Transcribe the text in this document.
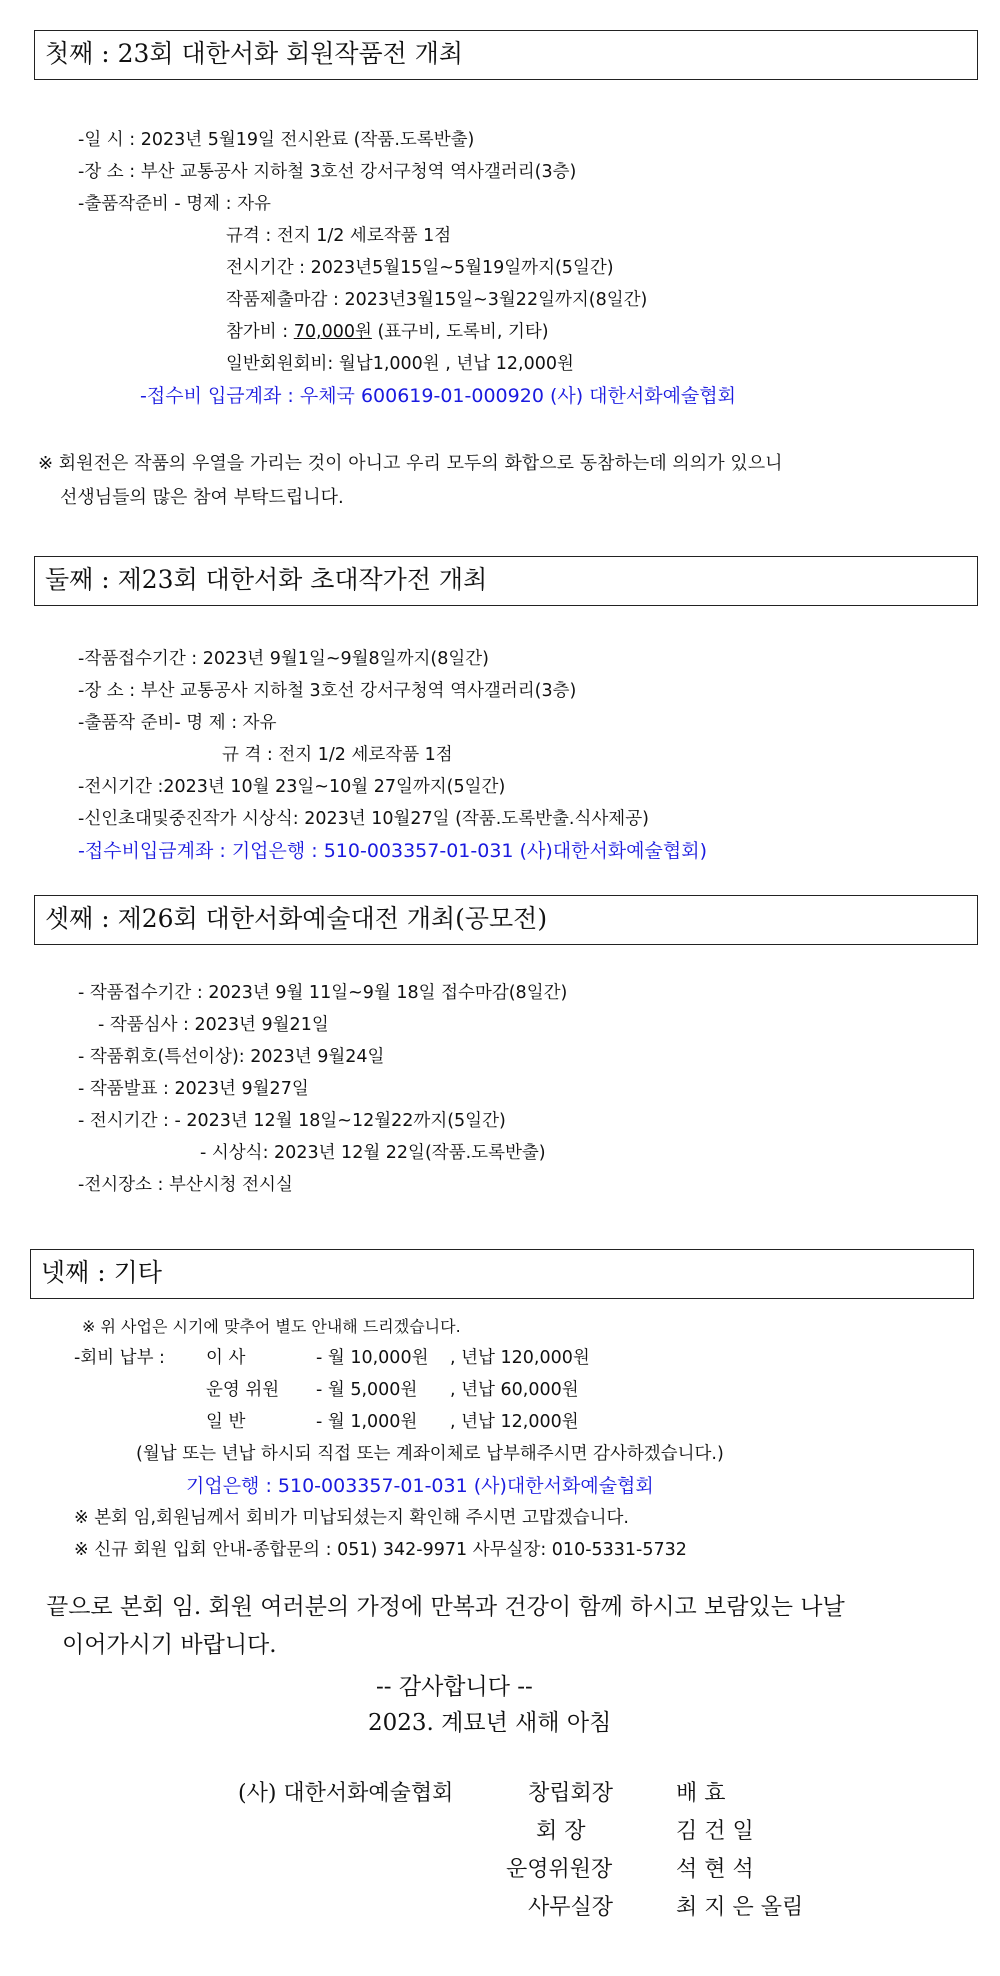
첫째 : 23회 대한서화 회원작품전 개최
-일 시 : 2023년 5월19일 전시완료 (작품.도록반출)
-장 소 : 부산 교통공사 지하철 3호선 강서구청역 역사갤러리(3층)
-출품작준비 - 명제 : 자유
규격 : 전지 1/2 세로작품 1점
전시기간 : 2023년5월15일~5월19일까지(5일간)
작품제출마감 : 2023년3월15일~3월22일까지(8일간)
참가비 : 70,000원 (표구비, 도록비, 기타)
일반회원회비: 월납1,000원 , 년납 12,000원
-접수비 입금계좌 : 우체국 600619-01-000920 (사) 대한서화예술협회
※ 회원전은 작품의 우열을 가리는 것이 아니고 우리 모두의 화합으로 동참하는데 의의가 있으니
선생님들의 많은 참여 부탁드립니다.
둘째 : 제23회 대한서화 초대작가전 개최
-작품접수기간 : 2023년 9월1일~9월8일까지(8일간)
-장 소 : 부산 교통공사 지하철 3호선 강서구청역 역사갤러리(3층)
-출품작 준비- 명 제 : 자유
규 격 : 전지 1/2 세로작품 1점
-전시기간 :2023년 10월 23일~10월 27일까지(5일간)
-신인초대및중진작가 시상식: 2023년 10월27일 (작품.도록반출.식사제공)
-접수비입금계좌 : 기업은행 : 510-003357-01-031 (사)대한서화예술협회)
셋째 : 제26회 대한서화예술대전 개최(공모전)
- 작품접수기간 : 2023년 9월 11일~9월 18일 접수마감(8일간)
- 작품심사 : 2023년 9월21일
- 작품휘호(특선이상): 2023년 9월24일
- 작품발표 : 2023년 9월27일
- 전시기간 : - 2023년 12월 18일~12월22까지(5일간)
- 시상식: 2023년 12월 22일(작품.도록반출)
-전시장소 : 부산시청 전시실
넷째 : 기타
※ 위 사업은 시기에 맞추어 별도 안내해 드리겠습니다.
-회비 납부 : 이 사	- 월 10,000원 , 년납 120,000원
운영 위원 - 월 5,000원 , 년납 60,000원
일 반	- 월 1,000원 , 년납 12,000원
(월납 또는 년납 하시되 직접 또는 계좌이체로 납부해주시면 감사하겠습니다.)
기업은행 : 510-003357-01-031 (사)대한서화예술협회
※ 본회 임,회원님께서 회비가 미납되셨는지 확인해 주시면 고맙겠습니다.
※ 신규 회원 입회 안내-종합문의 : 051) 342-9971 사무실장: 010-5331-5732
끝으로 본회 임. 회원 여러분의 가정에 만복과 건강이 함께 하시고 보람있는 나날
이어가시기 바랍니다.
-- 감사합니다 --
2023. 계묘년 새해 아침
(사) 대한서화예술협회	창립회장	배 효
회 장	김 건 일
운영위원장	석 현 석
사무실장	최 지 은 올림
